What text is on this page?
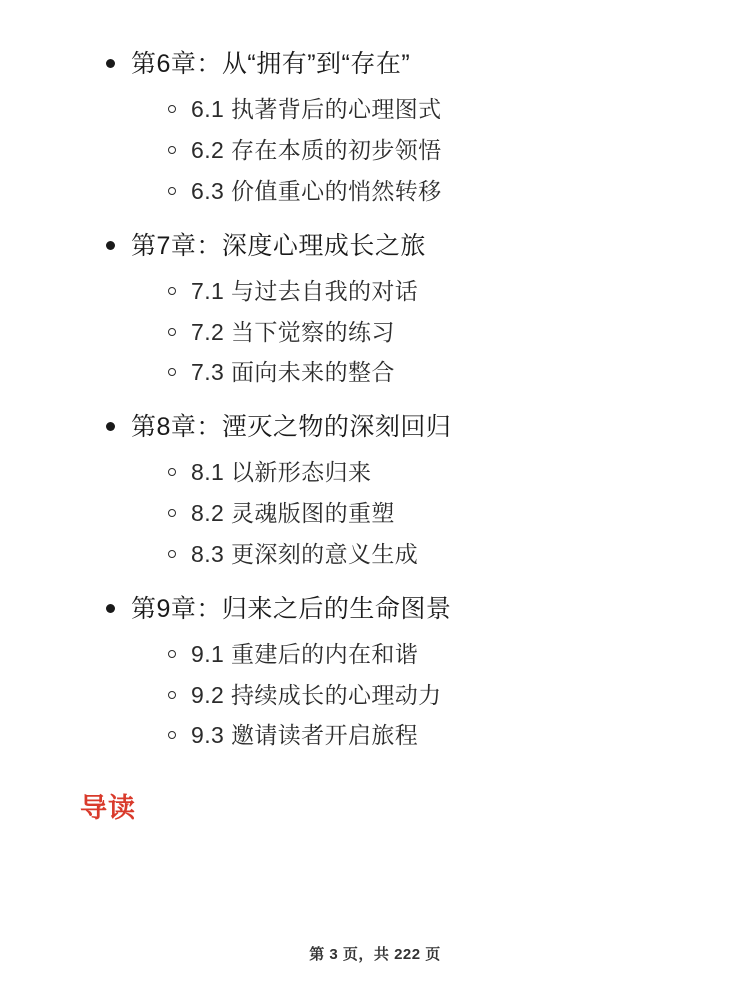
第6章：从“拥有”到“存在”
6.1 执著背后的心理图式
6.2 存在本质的初步领悟
6.3 价值重心的悄然转移
第7章：深度心理成长之旅
7.1 与过去自我的对话
7.2 当下觉察的练习
7.3 面向未来的整合
第8章：湮灭之物的深刻回归
8.1 以新形态归来
8.2 灵魂版图的重塑
8.3 更深刻的意义生成
第9章：归来之后的生命图景
9.1 重建后的内在和谐
9.2 持续成长的心理动力
9.3 邀请读者开启旅程
导读
第 3 页，共 222 页
